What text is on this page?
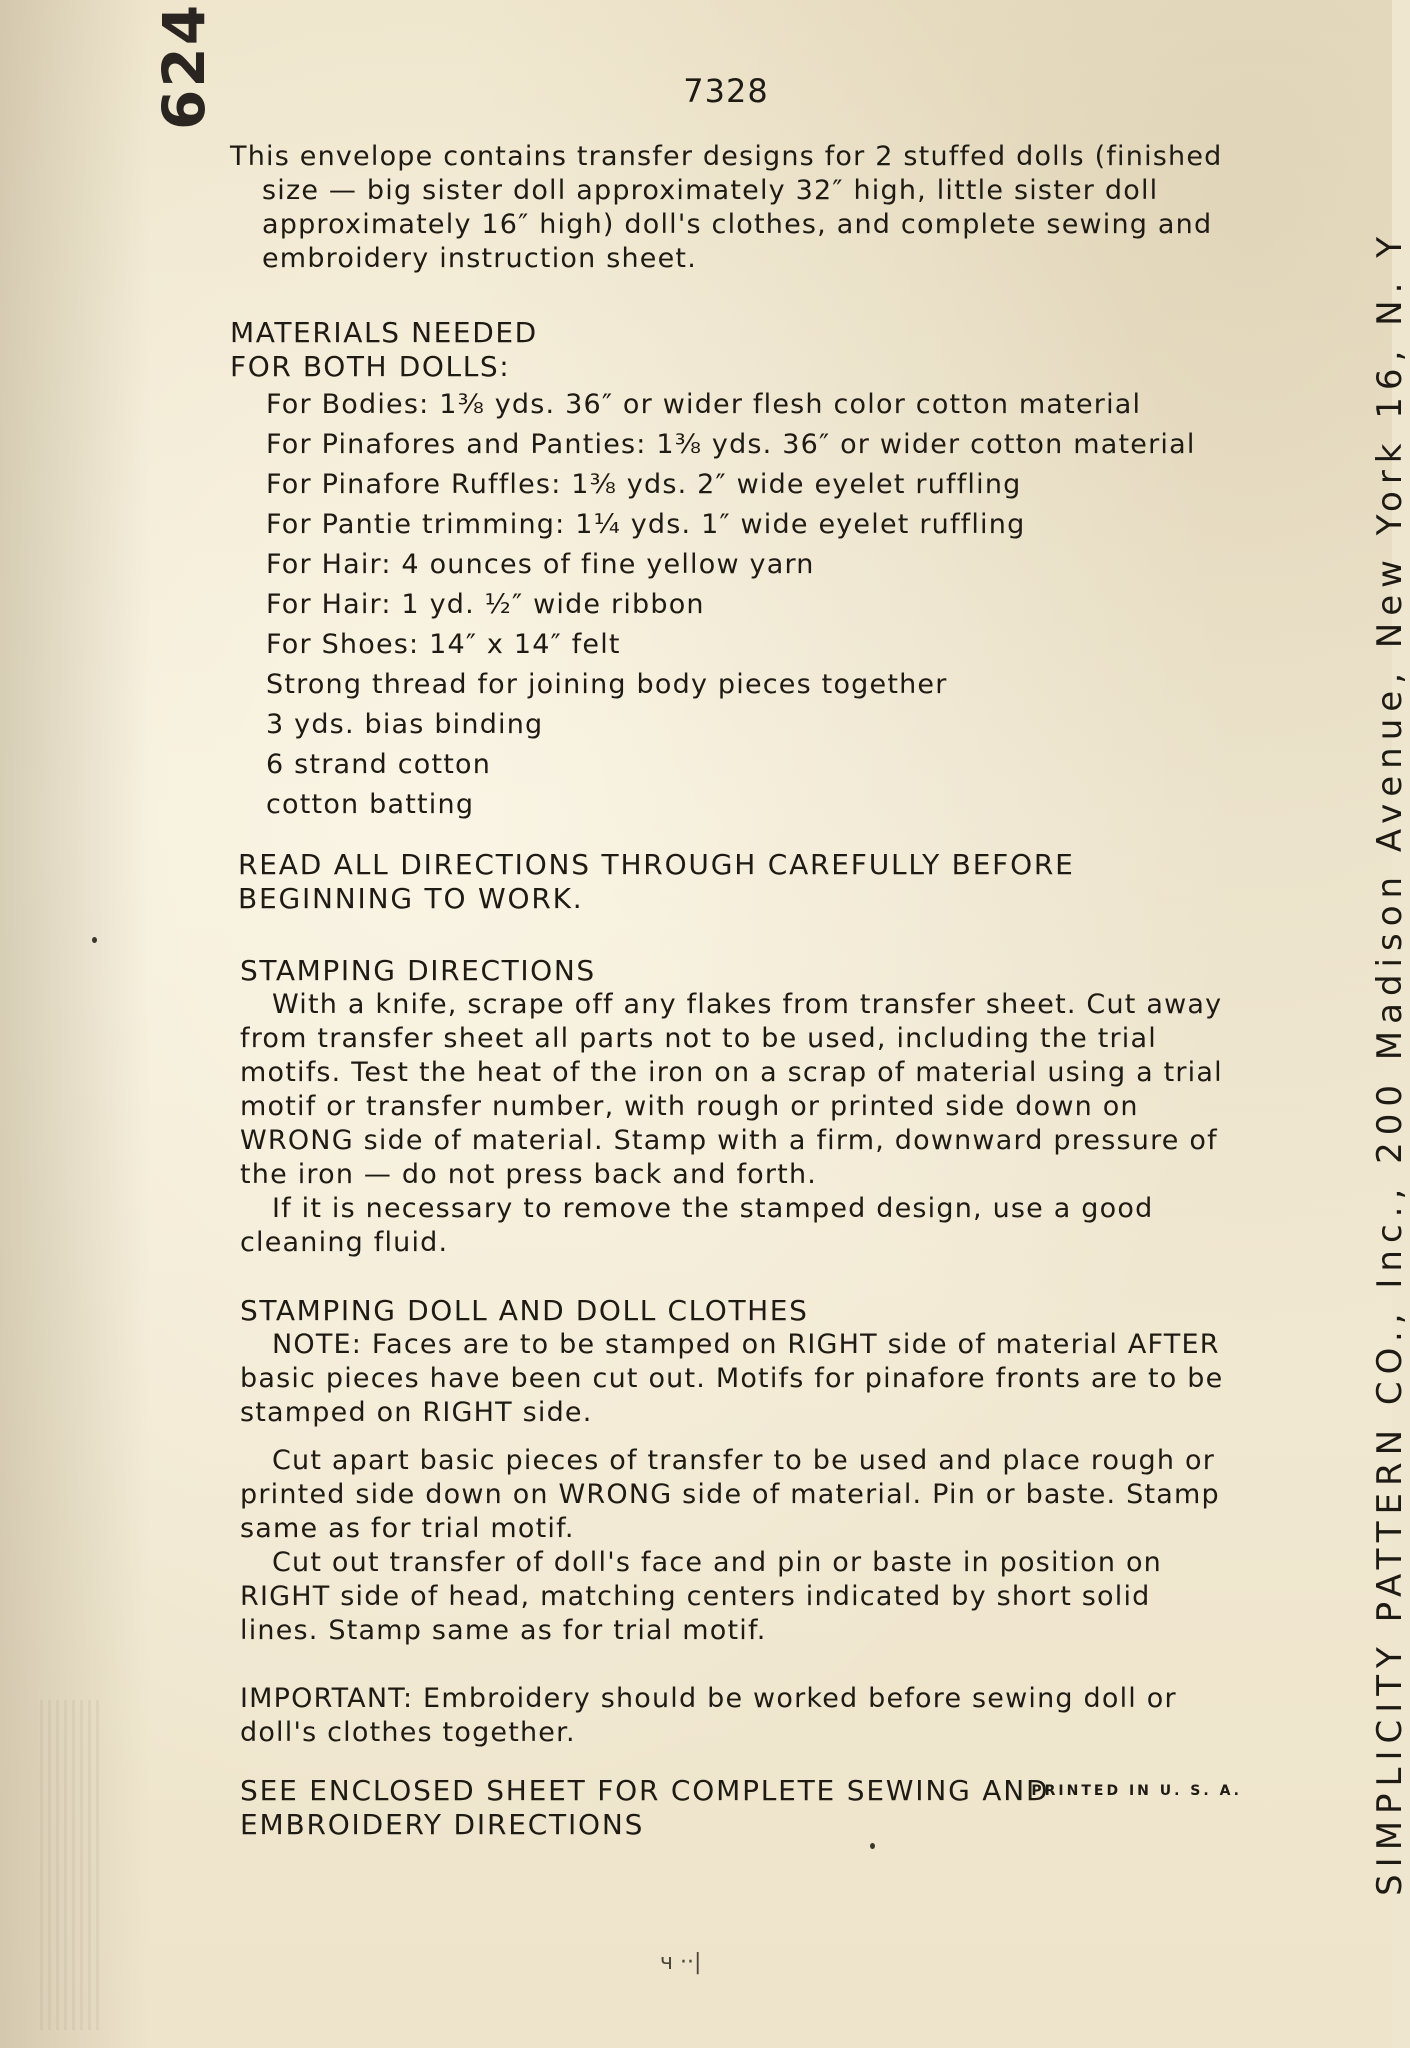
624	7328

This envelope contains transfer designs for 2 stuffed dolls (finished size — big sister doll approximately 32″ high, little sister doll approximately 16″ high) doll's clothes, and complete sewing and embroidery instruction sheet.

MATERIALS NEEDED

FOR BOTH DOLLS:

For Bodies: 1⅜ yds. 36″ or wider flesh color cotton material
For Pinafores and Panties: 1⅜ yds. 36″ or wider cotton material
For Pinafore Ruffles: 1⅜ yds. 2″ wide eyelet ruffling
For Pantie trimming: 1¼ yds. 1″ wide eyelet ruffling
For Hair: 4 ounces of fine yellow yarn
For Hair: 1 yd. ½″ wide ribbon
For Shoes: 14″ x 14″ felt
Strong thread for joining body pieces together
3 yds. bias binding
6 strand cotton
cotton batting

READ ALL DIRECTIONS THROUGH CAREFULLY BEFORE BEGINNING TO WORK.

STAMPING DIRECTIONS

With a knife, scrape off any flakes from transfer sheet. Cut away from transfer sheet all parts not to be used, including the trial motifs. Test the heat of the iron on a scrap of material using a trial motif or transfer number, with rough or printed side down on WRONG side of material. Stamp with a firm, downward pressure of the iron — do not press back and forth.

If it is necessary to remove the stamped design, use a good cleaning fluid.

STAMPING DOLL AND DOLL CLOTHES

NOTE: Faces are to be stamped on RIGHT side of material AFTER basic pieces have been cut out. Motifs for pinafore fronts are to be stamped on RIGHT side.

Cut apart basic pieces of transfer to be used and place rough or printed side down on WRONG side of material. Pin or baste. Stamp same as for trial motif.

Cut out transfer of doll's face and pin or baste in position on RIGHT side of head, matching centers indicated by short solid lines. Stamp same as for trial motif.

IMPORTANT: Embroidery should be worked before sewing doll or doll's clothes together.

SEE ENCLOSED SHEET FOR COMPLETE SEWING AND EMBROIDERY DIRECTIONS

PRINTED IN U. S. A.	SIMPLICITY PATTERN CO., Inc., 200 Madison Avenue, New York 16, N. Y
ч ··|
